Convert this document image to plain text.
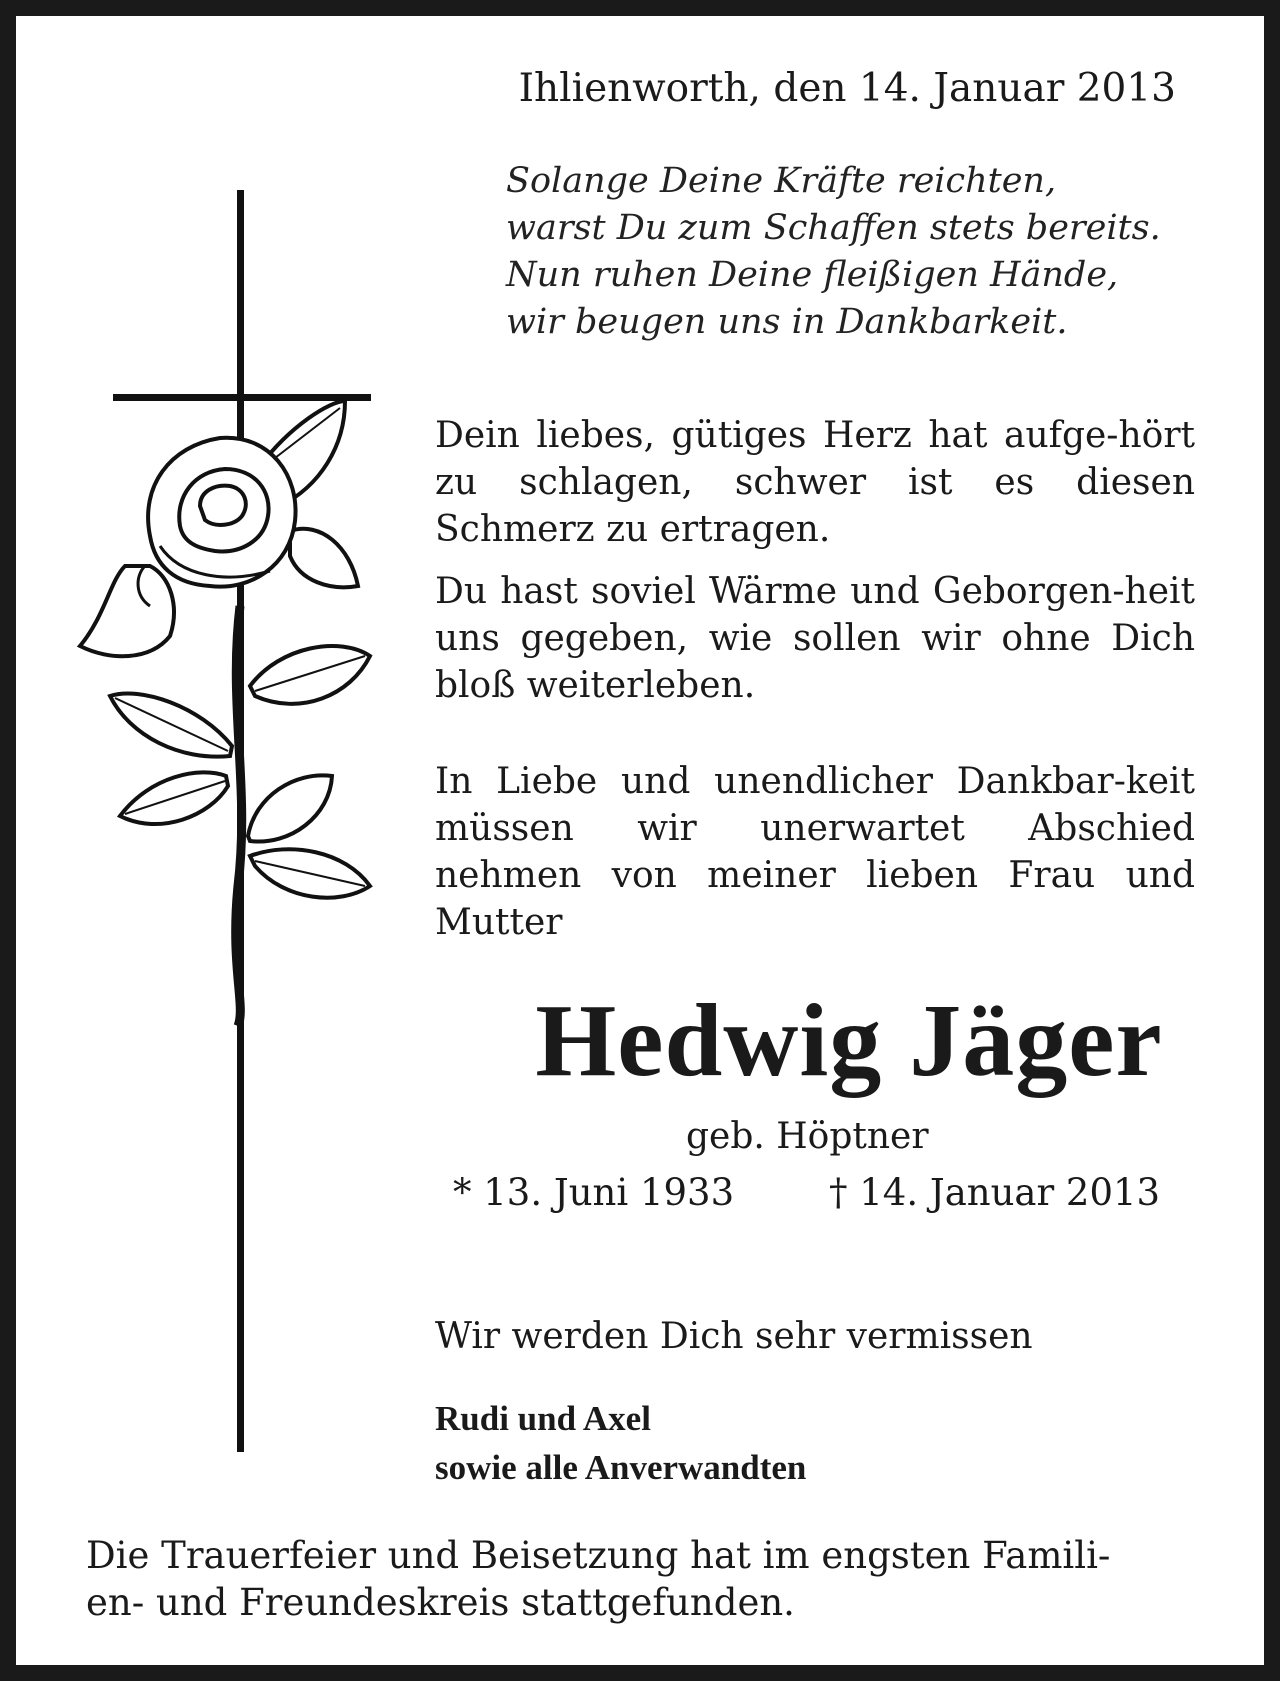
Ihlienworth, den 14. Januar 2013
Solange Deine Kräfte reichten,
warst Du zum Schaffen stets bereits.
Nun ruhen Deine fleißigen Hände,
wir beugen uns in Dankbarkeit.
Dein liebes, gütiges Herz hat aufge-hört zu schlagen, schwer ist es diesen Schmerz zu ertragen.
Du hast soviel Wärme und Geborgen-heit uns gegeben, wie sollen wir ohne Dich bloß weiterleben.
In Liebe und unendlicher Dankbar-keit müssen wir unerwartet Abschied nehmen von meiner lieben Frau und Mutter
Hedwig Jäger
geb. Höptner
* 13. Juni 1933	† 14. Januar 2013
Wir werden Dich sehr vermissen
Rudi und Axel
sowie alle Anverwandten
Die Trauerfeier und Beisetzung hat im engsten Famili-
en- und Freundeskreis stattgefunden.
